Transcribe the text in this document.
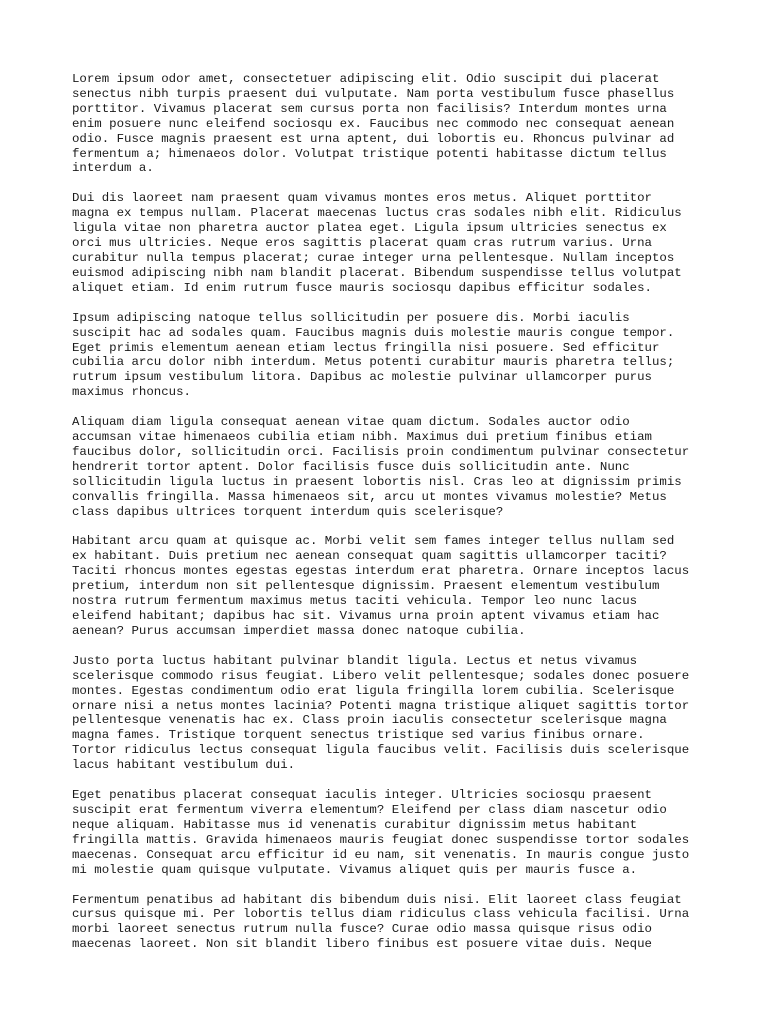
Lorem ipsum odor amet, consectetuer adipiscing elit. Odio suscipit dui placerat
senectus nibh turpis praesent dui vulputate. Nam porta vestibulum fusce phasellus
porttitor. Vivamus placerat sem cursus porta non facilisis? Interdum montes urna
enim posuere nunc eleifend sociosqu ex. Faucibus nec commodo nec consequat aenean
odio. Fusce magnis praesent est urna aptent, dui lobortis eu. Rhoncus pulvinar ad
fermentum a; himenaeos dolor. Volutpat tristique potenti habitasse dictum tellus
interdum a.

Dui dis laoreet nam praesent quam vivamus montes eros metus. Aliquet porttitor
magna ex tempus nullam. Placerat maecenas luctus cras sodales nibh elit. Ridiculus
ligula vitae non pharetra auctor platea eget. Ligula ipsum ultricies senectus ex
orci mus ultricies. Neque eros sagittis placerat quam cras rutrum varius. Urna
curabitur nulla tempus placerat; curae integer urna pellentesque. Nullam inceptos
euismod adipiscing nibh nam blandit placerat. Bibendum suspendisse tellus volutpat
aliquet etiam. Id enim rutrum fusce mauris sociosqu dapibus efficitur sodales.

Ipsum adipiscing natoque tellus sollicitudin per posuere dis. Morbi iaculis
suscipit hac ad sodales quam. Faucibus magnis duis molestie mauris congue tempor.
Eget primis elementum aenean etiam lectus fringilla nisi posuere. Sed efficitur
cubilia arcu dolor nibh interdum. Metus potenti curabitur mauris pharetra tellus;
rutrum ipsum vestibulum litora. Dapibus ac molestie pulvinar ullamcorper purus
maximus rhoncus.

Aliquam diam ligula consequat aenean vitae quam dictum. Sodales auctor odio
accumsan vitae himenaeos cubilia etiam nibh. Maximus dui pretium finibus etiam
faucibus dolor, sollicitudin orci. Facilisis proin condimentum pulvinar consectetur
hendrerit tortor aptent. Dolor facilisis fusce duis sollicitudin ante. Nunc
sollicitudin ligula luctus in praesent lobortis nisl. Cras leo at dignissim primis
convallis fringilla. Massa himenaeos sit, arcu ut montes vivamus molestie? Metus
class dapibus ultrices torquent interdum quis scelerisque?

Habitant arcu quam at quisque ac. Morbi velit sem fames integer tellus nullam sed
ex habitant. Duis pretium nec aenean consequat quam sagittis ullamcorper taciti?
Taciti rhoncus montes egestas egestas interdum erat pharetra. Ornare inceptos lacus
pretium, interdum non sit pellentesque dignissim. Praesent elementum vestibulum
nostra rutrum fermentum maximus metus taciti vehicula. Tempor leo nunc lacus
eleifend habitant; dapibus hac sit. Vivamus urna proin aptent vivamus etiam hac
aenean? Purus accumsan imperdiet massa donec natoque cubilia.

Justo porta luctus habitant pulvinar blandit ligula. Lectus et netus vivamus
scelerisque commodo risus feugiat. Libero velit pellentesque; sodales donec posuere
montes. Egestas condimentum odio erat ligula fringilla lorem cubilia. Scelerisque
ornare nisi a netus montes lacinia? Potenti magna tristique aliquet sagittis tortor
pellentesque venenatis hac ex. Class proin iaculis consectetur scelerisque magna
magna fames. Tristique torquent senectus tristique sed varius finibus ornare.
Tortor ridiculus lectus consequat ligula faucibus velit. Facilisis duis scelerisque
lacus habitant vestibulum dui.

Eget penatibus placerat consequat iaculis integer. Ultricies sociosqu praesent
suscipit erat fermentum viverra elementum? Eleifend per class diam nascetur odio
neque aliquam. Habitasse mus id venenatis curabitur dignissim metus habitant
fringilla mattis. Gravida himenaeos mauris feugiat donec suspendisse tortor sodales
maecenas. Consequat arcu efficitur id eu nam, sit venenatis. In mauris congue justo
mi molestie quam quisque vulputate. Vivamus aliquet quis per mauris fusce a.

Fermentum penatibus ad habitant dis bibendum duis nisi. Elit laoreet class feugiat
cursus quisque mi. Per lobortis tellus diam ridiculus class vehicula facilisi. Urna
morbi laoreet senectus rutrum nulla fusce? Curae odio massa quisque risus odio
maecenas laoreet. Non sit blandit libero finibus est posuere vitae duis. Neque
